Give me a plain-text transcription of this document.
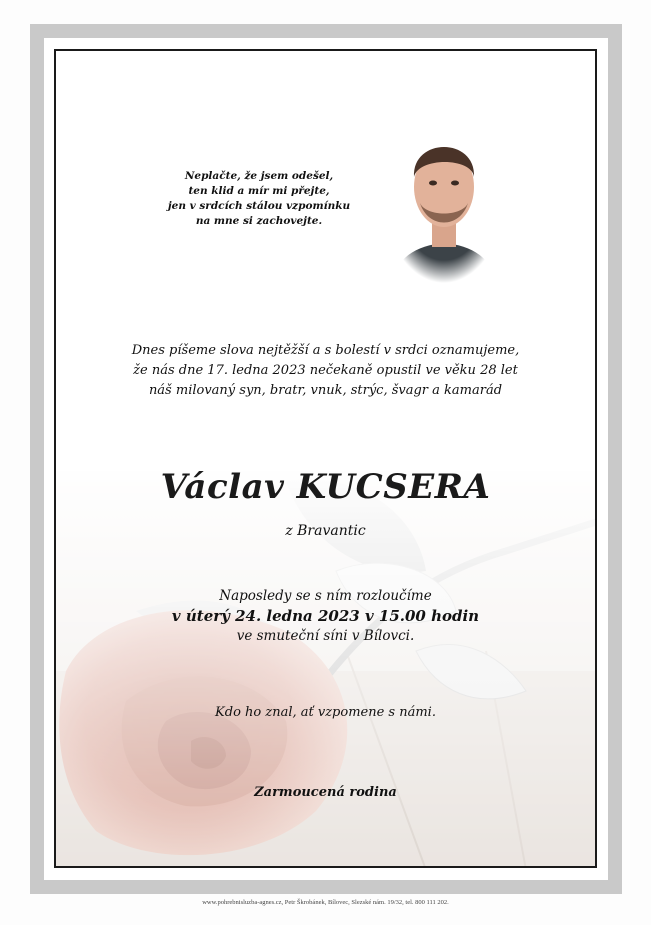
Neplačte, že jsem odešel,
ten klid a mír mi přejte,
jen v srdcích stálou vzpomínku
na mne si zachovejte.
Dnes píšeme slova nejtěžší a s bolestí v srdci oznamujeme,
že nás dne 17. ledna 2023 nečekaně opustil ve věku 28 let
náš milovaný syn, bratr, vnuk, strýc, švagr a kamarád
Václav KUCSERA
z Bravantic
Naposledy se s ním rozloučíme
v úterý 24. ledna 2023 v 15.00 hodin
ve smuteční síni v Bílovci.
Kdo ho znal, ať vzpomene s námi.
Zarmoucená rodina
www.pohrebnisluzba-agnes.cz, Petr Škrobánek, Bílovec, Slezské nám. 19/32, tel. 800 111 202.
